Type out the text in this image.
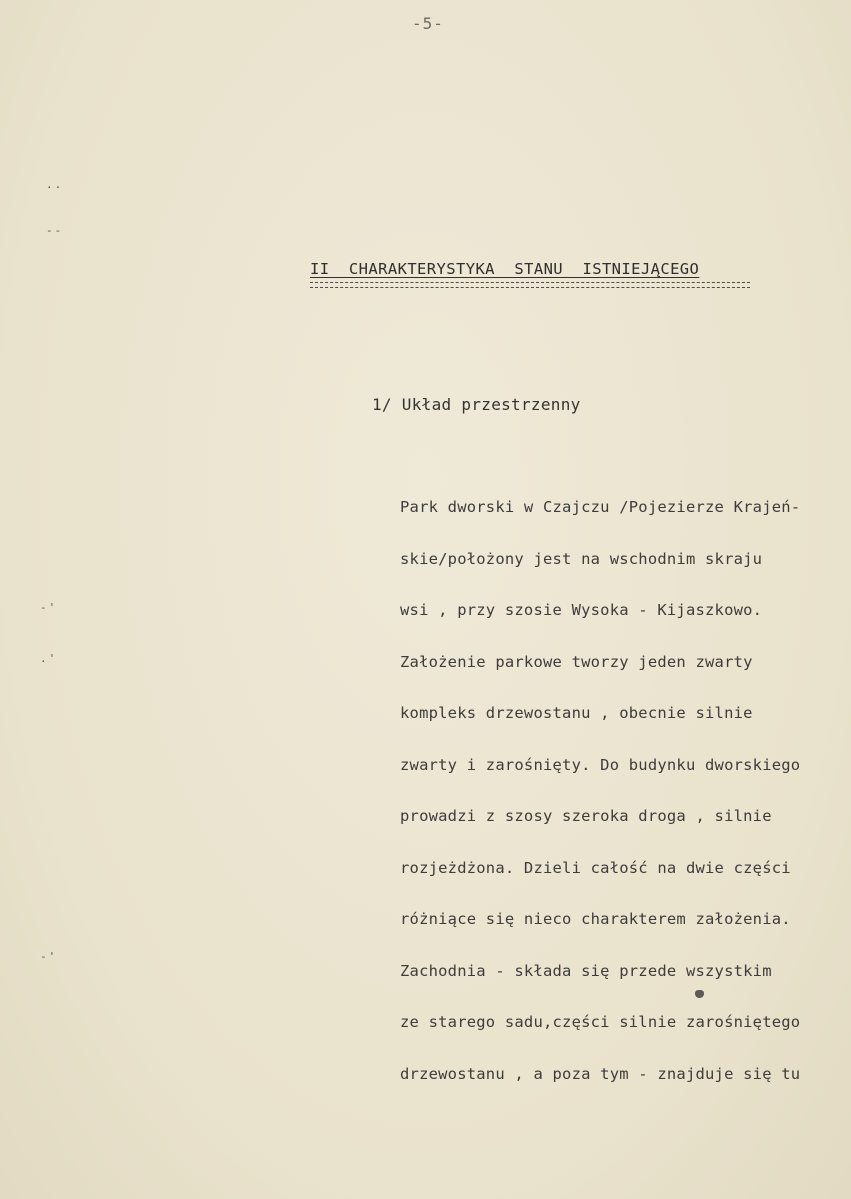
-5-
..
--
-'
.'
-'
II  CHARAKTERYSTYKA  STANU  ISTNIEJĄCEGO
1/ Układ przestrzenny
Park dworski w Czajczu /Pojezierze Krajeń-
skie/położony jest na wschodnim skraju
wsi , przy szosie Wysoka - Kijaszkowo.
Założenie parkowe tworzy jeden zwarty
kompleks drzewostanu , obecnie silnie
zwarty i zarośnięty. Do budynku dworskiego
prowadzi z szosy szeroka droga , silnie
rozjeżdżona. Dzieli całość na dwie części
różniące się nieco charakterem założenia.
Zachodnia - składa się przede wszystkim
ze starego sadu,części silnie zarośniętego
drzewostanu , a poza tym - znajduje się tu
